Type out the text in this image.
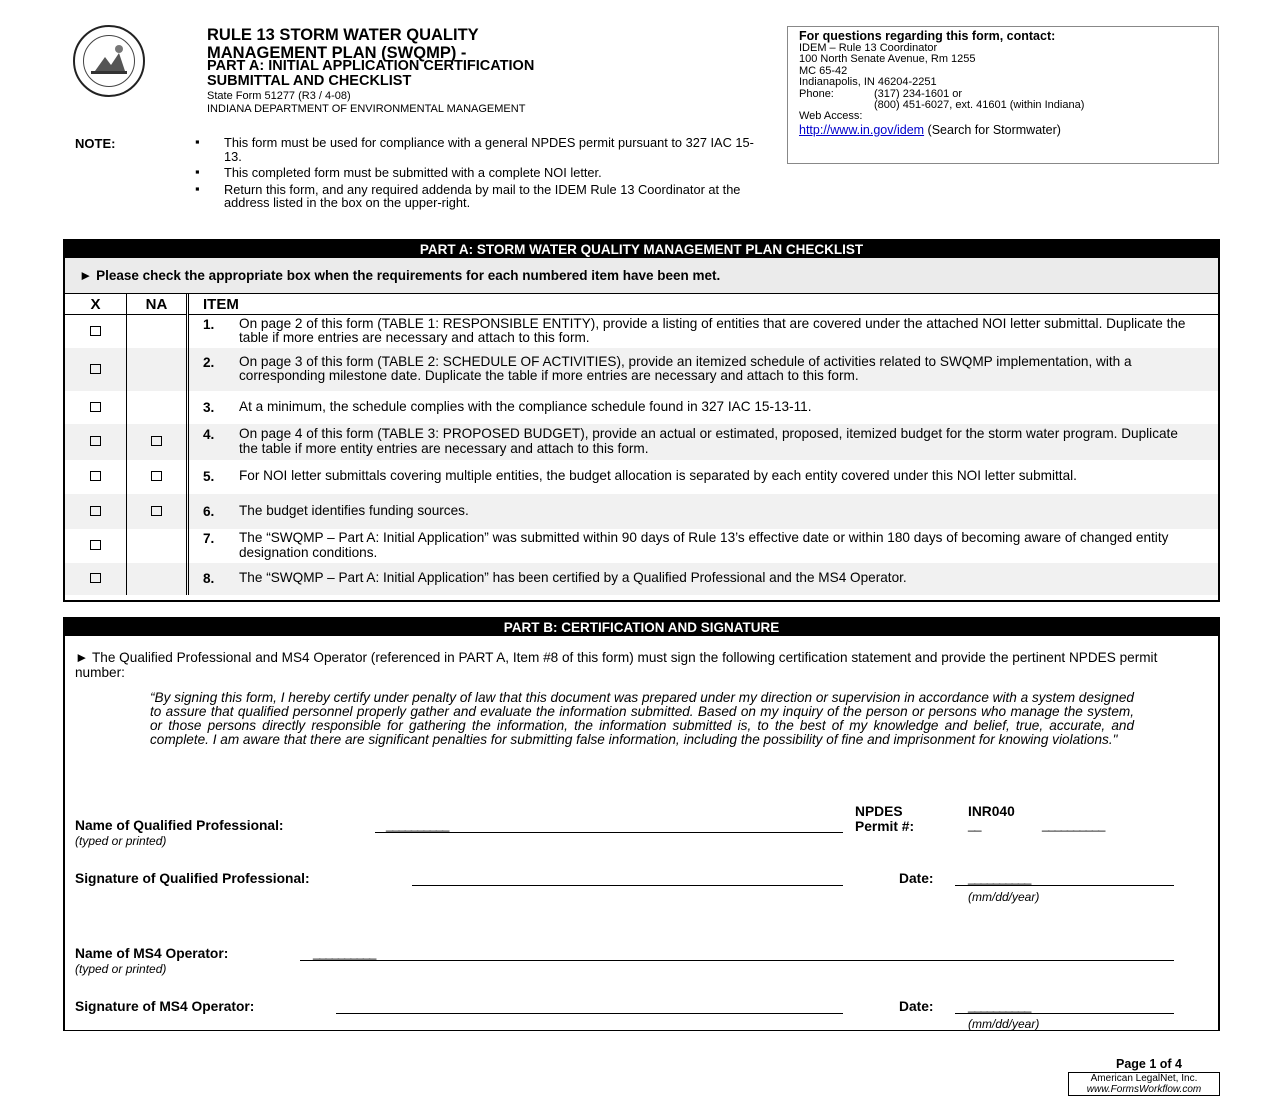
RULE 13 STORM WATER QUALITY
MANAGEMENT PLAN (SWQMP) -
PART A: INITIAL APPLICATION CERTIFICATION
SUBMITTAL AND CHECKLIST
State Form 51277 (R3 / 4-08)
INDIANA DEPARTMENT OF ENVIRONMENTAL MANAGEMENT
For questions regarding this form, contact:
IDEM – Rule 13 Coordinator
100 North Senate Avenue, Rm 1255
MC 65-42
Indianapolis, IN 46204-2251
Phone:	(317) 234-1601 or
(800) 451-6027, ext. 41601 (within Indiana)
Web Access:
http://www.in.gov/idem (Search for Stormwater)
NOTE:	▪ This form must be used for compliance with a general NPDES permit pursuant to 327 IAC 15-13.
▪ This completed form must be submitted with a complete NOI letter.
▪ Return this form, and any required addenda by mail to the IDEM Rule 13 Coordinator at the address listed in the box on the upper-right.
PART A: STORM WATER QUALITY MANAGEMENT PLAN CHECKLIST
► Please check the appropriate box when the requirements for each numbered item have been met.
X	NA	ITEM
		1. On page 2 of this form (TABLE 1: RESPONSIBLE ENTITY), provide a listing of entities that are covered under the attached NOI letter submittal. Duplicate the table if more entries are necessary and attach to this form.
		2. On page 3 of this form (TABLE 2: SCHEDULE OF ACTIVITIES), provide an itemized schedule of activities related to SWQMP implementation, with a corresponding milestone date. Duplicate the table if more entries are necessary and attach to this form.
		3. At a minimum, the schedule complies with the compliance schedule found in 327 IAC 15-13-11.
		4. On page 4 of this form (TABLE 3: PROPOSED BUDGET), provide an actual or estimated, proposed, itemized budget for the storm water program. Duplicate the table if more entity entries are necessary and attach to this form.
		5. For NOI letter submittals covering multiple entities, the budget allocation is separated by each entity covered under this NOI letter submittal.
		6. The budget identifies funding sources.
		7. The “SWQMP – Part A: Initial Application” was submitted within 90 days of Rule 13’s effective date or within 180 days of becoming aware of changed entity designation conditions.
		8. The “SWQMP – Part A: Initial Application” has been certified by a Qualified Professional and the MS4 Operator.
PART B: CERTIFICATION AND SIGNATURE
► The Qualified Professional and MS4 Operator (referenced in PART A, Item #8 of this form) must sign the following certification statement and provide the pertinent NPDES permit number:
“By signing this form, I hereby certify under penalty of law that this document was prepared under my direction or supervision in accordance with a system designed to assure that qualified personnel properly gather and evaluate the information submitted. Based on my inquiry of the person or persons who manage the system, or those persons directly responsible for gathering the information, the information submitted is, to the best of my knowledge and belief, true, accurate, and complete. I am aware that there are significant penalties for submitting false information, including the possibility of fine and imprisonment for knowing violations."
Name of Qualified Professional:
(typed or printed)
__________
NPDES
Permit #:
INR040
__	__________
Signature of Qualified Professional:	Date:	__________
(mm/dd/year)
Name of MS4 Operator:
(typed or printed)
__________
Signature of MS4 Operator:	Date:	__________
(mm/dd/year)
Page 1 of 4
American LegalNet, Inc.
www.FormsWorkflow.com
